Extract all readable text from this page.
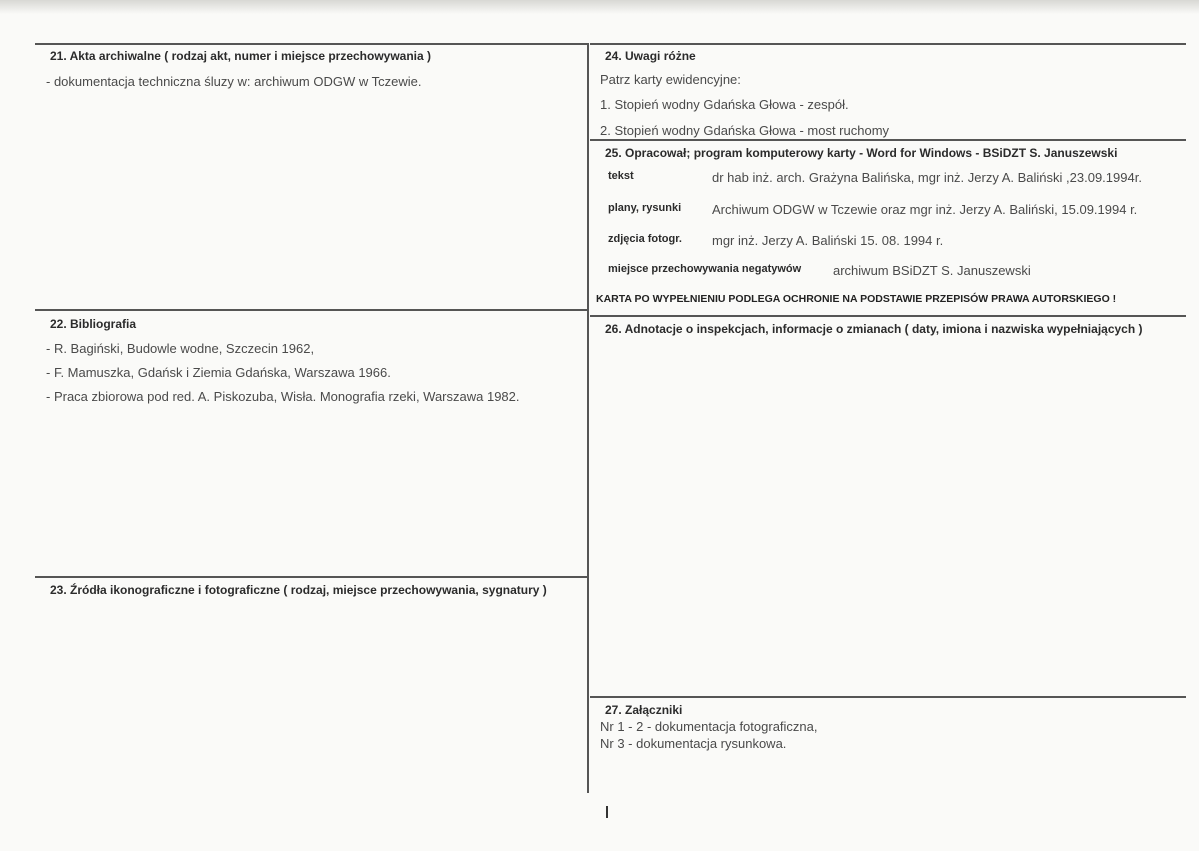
21. Akta archiwalne ( rodzaj akt, numer i miejsce przechowywania )
- dokumentacja techniczna śluzy w: archiwum ODGW w Tczewie.
22. Bibliografia
- R. Bagiński, Budowle wodne, Szczecin 1962,
- F. Mamuszka, Gdańsk i Ziemia Gdańska, Warszawa 1966.
- Praca zbiorowa pod red. A. Piskozuba, Wisła. Monografia rzeki, Warszawa 1982.
23. Źródła ikonograficzne i fotograficzne ( rodzaj, miejsce przechowywania, sygnatury )
24. Uwagi różne
Patrz karty ewidencyjne:
1. Stopień wodny Gdańska Głowa - zespół.
2. Stopień wodny Gdańska Głowa - most ruchomy
25. Opracował; program komputerowy karty - Word for Windows - BSiDZT S. Januszewski
tekst	dr hab inż. arch. Grażyna Balińska, mgr inż. Jerzy A. Baliński ,23.09.1994r.
plany, rysunki Archiwum ODGW w Tczewie oraz mgr inż. Jerzy A. Baliński, 15.09.1994 r.
zdjęcia fotogr. mgr inż. Jerzy A. Baliński 15. 08. 1994 r.
miejsce przechowywania negatywów archiwum BSiDZT S. Januszewski
KARTA PO WYPEŁNIENIU PODLEGA OCHRONIE NA PODSTAWIE PRZEPISÓW PRAWA AUTORSKIEGO !
26. Adnotacje o inspekcjach, informacje o zmianach ( daty, imiona i nazwiska wypełniających )
27. Załączniki
Nr 1 - 2 - dokumentacja fotograficzna,
Nr 3 - dokumentacja rysunkowa.
